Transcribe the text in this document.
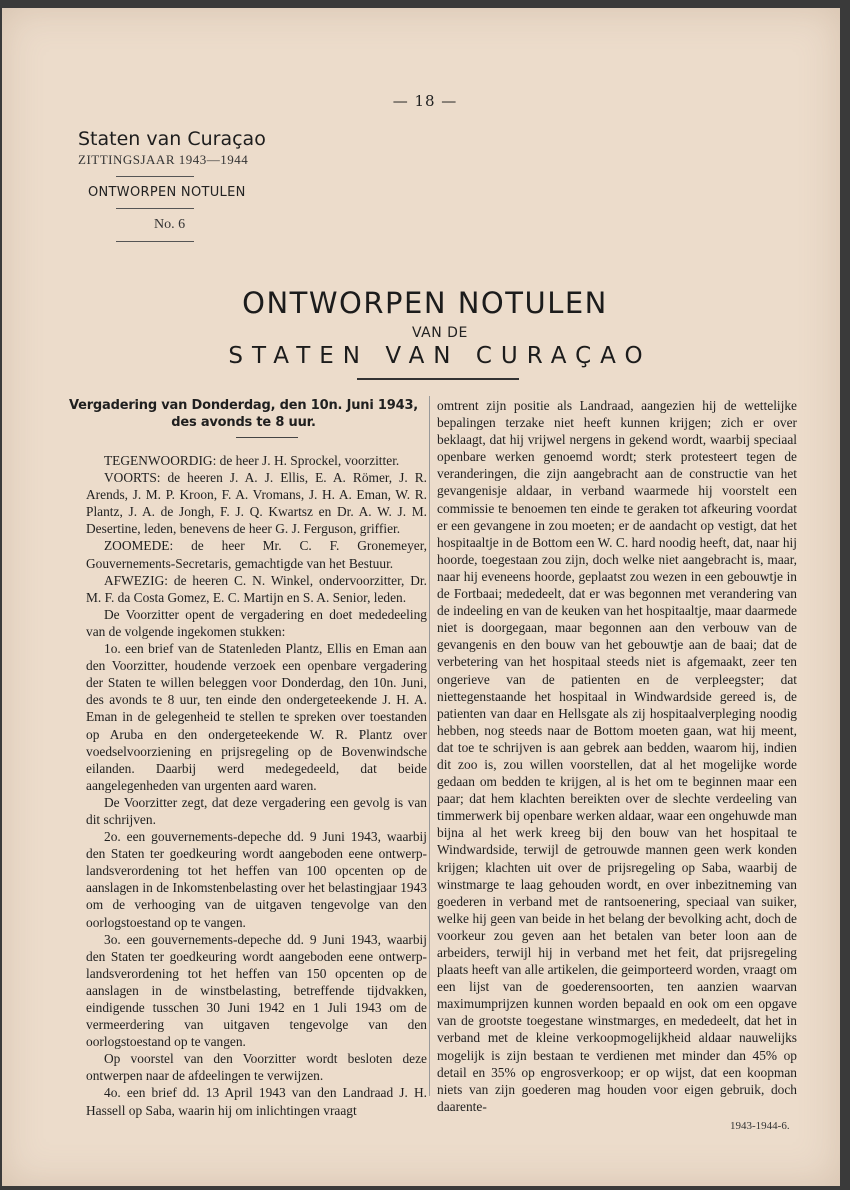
— 18 —
Staten van Curaçao
ZITTINGSJAAR 1943—1944
ONTWORPEN NOTULEN
No. 6
ONTWORPEN NOTULEN
VAN DE
STATEN VAN CURAÇAO
Vergadering van Donderdag, den 10n. Juni 1943, des avonds te 8 uur.

TEGENWOORDIG: de heer J. H. Sprockel, voorzitter.

VOORTS: de heeren J. A. J. Ellis, E. A. Römer, J. R. Arends, J. M. P. Kroon, F. A. Vromans, J. H. A. Eman, W. R. Plantz, J. A. de Jongh, F. J. Q. Kwartsz en Dr. A. W. J. M. Desertine, leden, benevens de heer G. J. Ferguson, griffier.

ZOOMEDE: de heer Mr. C. F. Gronemeyer, Gouvernements-Secretaris, gemachtigde van het Bestuur.

AFWEZIG: de heeren C. N. Winkel, ondervoorzitter, Dr. M. F. da Costa Gomez, E. C. Martijn en S. A. Senior, leden.

De Voorzitter opent de vergadering en doet mededeeling van de volgende ingekomen stukken:

1o. een brief van de Statenleden Plantz, Ellis en Eman aan den Voorzitter, houdende verzoek een openbare vergadering der Staten te willen beleggen voor Donderdag, den 10n. Juni, des avonds te 8 uur, ten einde den ondergeteekende J. H. A. Eman in de gelegenheid te stellen te spreken over toestanden op Aruba en den ondergeteekende W. R. Plantz over voedselvoorziening en prijsregeling op de Bovenwindsche eilanden. Daarbij werd medegedeeld, dat beide aangelegenheden van urgenten aard waren.

De Voorzitter zegt, dat deze vergadering een gevolg is van dit schrijven.

2o. een gouvernements-depeche dd. 9 Juni 1943, waarbij den Staten ter goedkeuring wordt aangeboden eene ontwerp-landsverordening tot het heffen van 100 opcenten op de aanslagen in de Inkomstenbelasting over het belastingjaar 1943 om de verhooging van de uitgaven tengevolge van den oorlogstoestand op te vangen.

3o. een gouvernements-depeche dd. 9 Juni 1943, waarbij den Staten ter goedkeuring wordt aangeboden eene ontwerp-landsverordening tot het heffen van 150 opcenten op de aanslagen in de winstbelasting, betreffende tijdvakken, eindigende tusschen 30 Juni 1942 en 1 Juli 1943 om de vermeerdering van uitgaven tengevolge van den oorlogstoestand op te vangen.

Op voorstel van den Voorzitter wordt besloten deze ontwerpen naar de afdeelingen te verwijzen.

4o. een brief dd. 13 April 1943 van den Landraad J. H. Hassell op Saba, waarin hij om inlichtingen vraagt

omtrent zijn positie als Landraad, aangezien hij de wettelijke bepalingen terzake niet heeft kunnen krijgen; zich er over beklaagt, dat hij vrijwel nergens in gekend wordt, waarbij speciaal openbare werken genoemd wordt; sterk protesteert tegen de veranderingen, die zijn aangebracht aan de constructie van het gevangenisje aldaar, in verband waarmede hij voorstelt een commissie te benoemen ten einde te geraken tot afkeuring voordat er een gevangene in zou moeten; er de aandacht op vestigt, dat het hospitaaltje in de Bottom een W. C. hard noodig heeft, dat, naar hij hoorde, toegestaan zou zijn, doch welke niet aangebracht is, maar, naar hij eveneens hoorde, geplaatst zou wezen in een gebouwtje in de Fortbaai; mededeelt, dat er was begonnen met verandering van de indeeling en van de keuken van het hospitaaltje, maar daarmede niet is doorgegaan, maar begonnen aan den verbouw van de gevangenis en den bouw van het gebouwtje aan de baai; dat de verbetering van het hospitaal steeds niet is afgemaakt, zeer ten ongerieve van de patienten en de verpleegster; dat niettegenstaande het hospitaal in Windwardside gereed is, de patienten van daar en Hellsgate als zij hospitaalverpleging noodig hebben, nog steeds naar de Bottom moeten gaan, wat hij meent, dat toe te schrijven is aan gebrek aan bedden, waarom hij, indien dit zoo is, zou willen voorstellen, dat al het mogelijke worde gedaan om bedden te krijgen, al is het om te beginnen maar een paar; dat hem klachten bereikten over de slechte verdeeling van timmerwerk bij openbare werken aldaar, waar een ongehuwde man bijna al het werk kreeg bij den bouw van het hospitaal te Windwardside, terwijl de getrouwde mannen geen werk konden krijgen; klachten uit over de prijsregeling op Saba, waarbij de winstmarge te laag gehouden wordt, en over inbezitneming van goederen in verband met de rantsoenering, speciaal van suiker, welke hij geen van beide in het belang der bevolking acht, doch de voorkeur zou geven aan het betalen van beter loon aan de arbeiders, terwijl hij in verband met het feit, dat prijsregeling plaats heeft van alle artikelen, die geimporteerd worden, vraagt om een lijst van de goederensoorten, ten aanzien waarvan maximumprijzen kunnen worden bepaald en ook om een opgave van de grootste toegestane winstmarges, en mededeelt, dat het in verband met de kleine verkoopmogelijkheid aldaar nauwelijks mogelijk is zijn bestaan te verdienen met minder dan 45% op detail en 35% op engrosverkoop; er op wijst, dat een koopman niets van zijn goederen mag houden voor eigen gebruik, doch daarente-

1943-1944-6.
